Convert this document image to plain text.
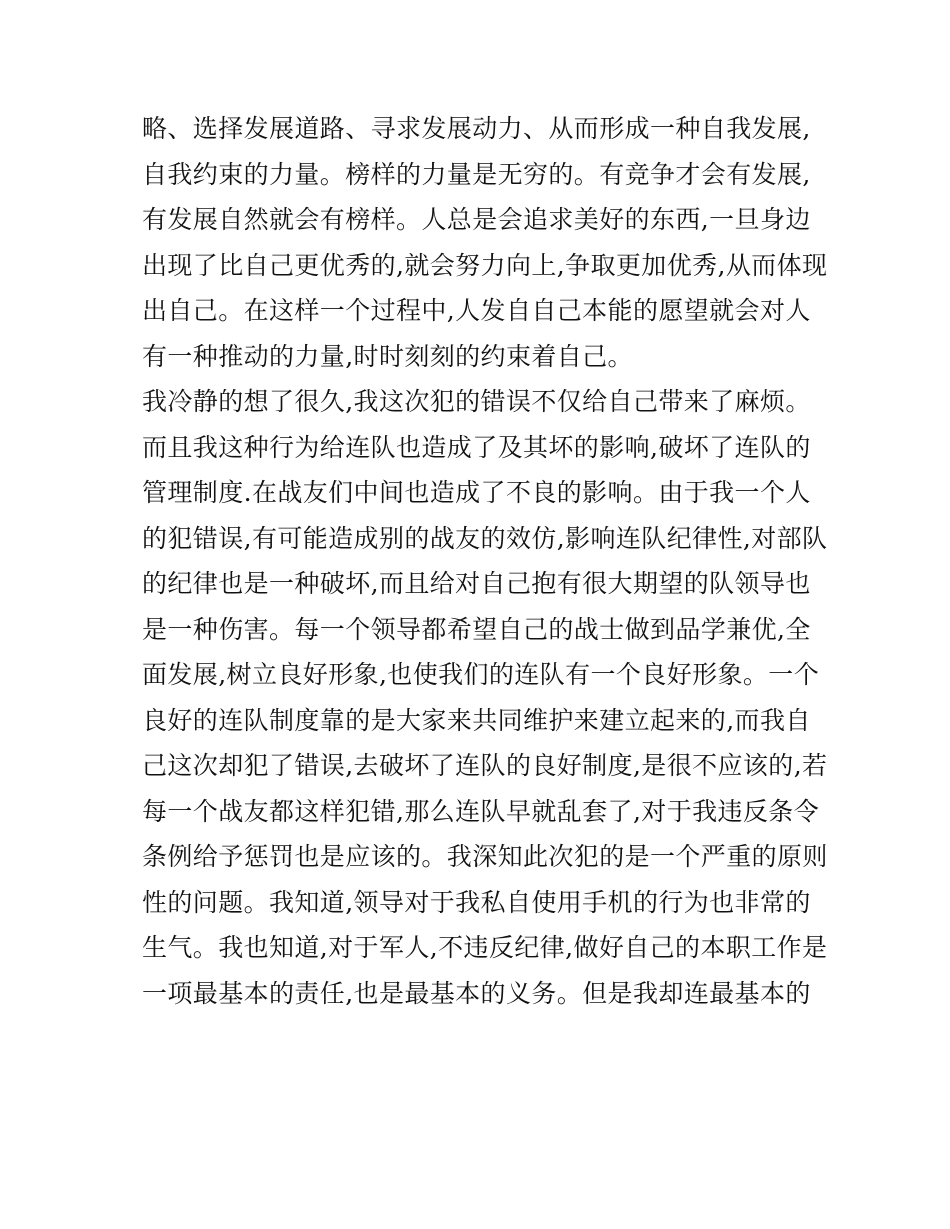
略、选择发展道路、寻求发展动力、从而形成一种自我发展,
自我约束的力量。榜样的力量是无穷的。有竞争才会有发展,
有发展自然就会有榜样。人总是会追求美好的东西,一旦身边
出现了比自己更优秀的,就会努力向上,争取更加优秀,从而体现
出自己。在这样一个过程中,人发自自己本能的愿望就会对人
有一种推动的力量,时时刻刻的约束着自己。
我冷静的想了很久,我这次犯的错误不仅给自己带来了麻烦。
而且我这种行为给连队也造成了及其坏的影响,破坏了连队的
管理制度.在战友们中间也造成了不良的影响。由于我一个人
的犯错误,有可能造成别的战友的效仿,影响连队纪律性,对部队
的纪律也是一种破坏,而且给对自己抱有很大期望的队领导也
是一种伤害。每一个领导都希望自己的战士做到品学兼优,全
面发展,树立良好形象,也使我们的连队有一个良好形象。一个
良好的连队制度靠的是大家来共同维护来建立起来的,而我自
己这次却犯了错误,去破坏了连队的良好制度,是很不应该的,若
每一个战友都这样犯错,那么连队早就乱套了,对于我违反条令
条例给予惩罚也是应该的。我深知此次犯的是一个严重的原则
性的问题。我知道,领导对于我私自使用手机的行为也非常的
生气。我也知道,对于军人,不违反纪律,做好自己的本职工作是
一项最基本的责任,也是最基本的义务。但是我却连最基本的
